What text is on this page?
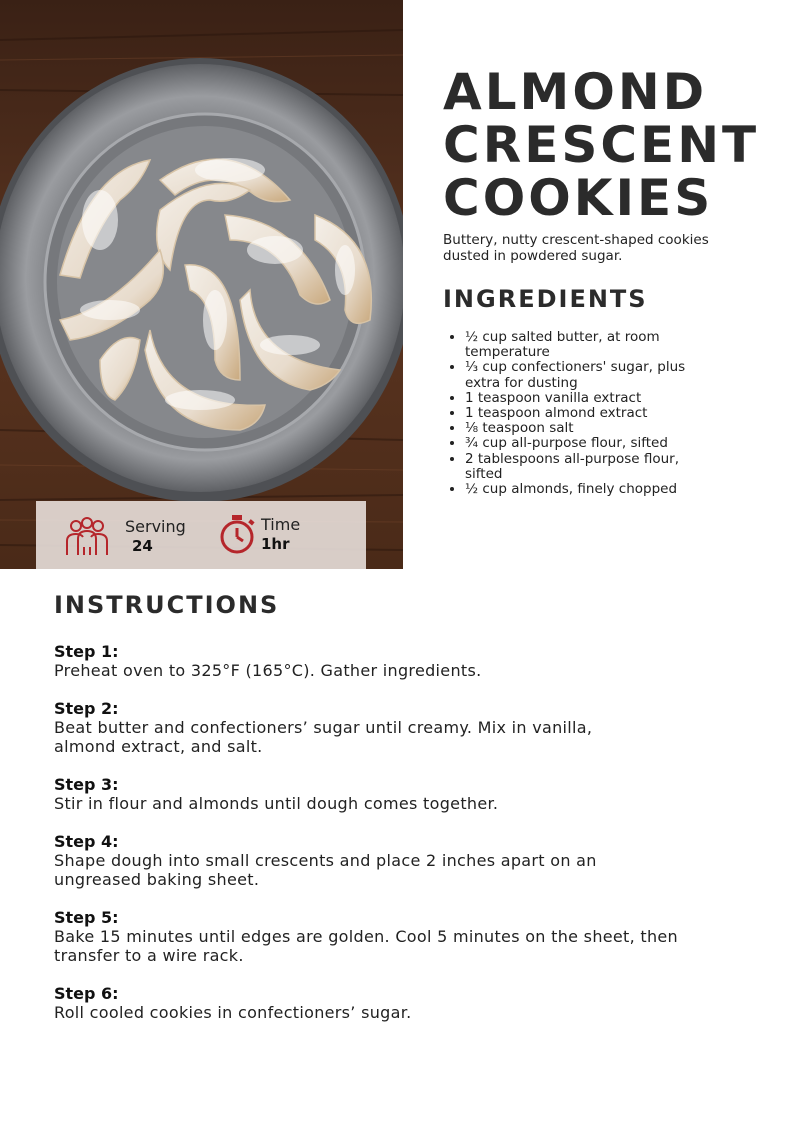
Serving
24
Time
1hr
ALMOND
CRESCENT
COOKIES
Buttery, nutty crescent-shaped cookies dusted in powdered sugar.
INGREDIENTS
• ½ cup salted butter, at room temperature
• ⅓ cup confectioners' sugar, plus extra for dusting
• 1 teaspoon vanilla extract
• 1 teaspoon almond extract
• ⅛ teaspoon salt
• ¾ cup all-purpose flour, sifted
• 2 tablespoons all-purpose flour, sifted
• ½ cup almonds, finely chopped
INSTRUCTIONS
Step 1:
Preheat oven to 325°F (165°C). Gather ingredients.
Step 2:
Beat butter and confectioners’ sugar until creamy. Mix in vanilla, almond extract, and salt.
Step 3:
Stir in flour and almonds until dough comes together.
Step 4:
Shape dough into small crescents and place 2 inches apart on an ungreased baking sheet.
Step 5:
Bake 15 minutes until edges are golden. Cool 5 minutes on the sheet, then transfer to a wire rack.
Step 6:
Roll cooled cookies in confectioners’ sugar.
